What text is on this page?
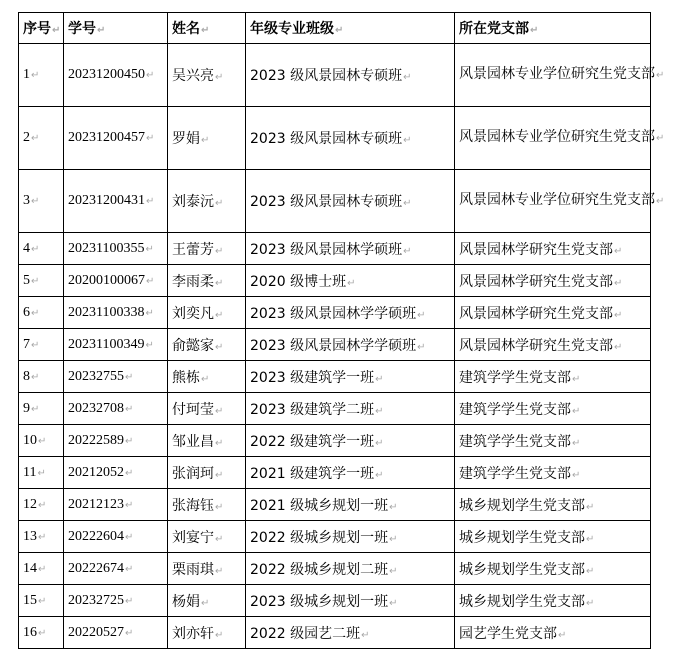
序号↵	学号↵	姓名↵	年级专业班级↵	所在党支部↵
1↵	20231200450↵	吴兴亮↵	2023 级风景园林专硕班↵	风景园林专业学位研究生党支部↵
2↵	20231200457↵	罗娟↵	2023 级风景园林专硕班↵	风景园林专业学位研究生党支部↵
3↵	20231200431↵	刘泰沅↵	2023 级风景园林专硕班↵	风景园林专业学位研究生党支部↵
4↵	20231100355↵	王蕾芳↵	2023 级风景园林学硕班↵	风景园林学研究生党支部↵
5↵	20200100067↵	李雨柔↵	2020 级博士班↵	风景园林学研究生党支部↵
6↵	20231100338↵	刘奕凡↵	2023 级风景园林学学硕班↵	风景园林学研究生党支部↵
7↵	20231100349↵	俞懿家↵	2023 级风景园林学学硕班↵	风景园林学研究生党支部↵
8↵	20232755↵	熊栋↵	2023 级建筑学一班↵	建筑学学生党支部↵
9↵	20232708↵	付珂莹↵	2023 级建筑学二班↵	建筑学学生党支部↵
10↵	20222589↵	邹业昌↵	2022 级建筑学一班↵	建筑学学生党支部↵
11↵	20212052↵	张润珂↵	2021 级建筑学一班↵	建筑学学生党支部↵
12↵	20212123↵	张海钰↵	2021 级城乡规划一班↵	城乡规划学生党支部↵
13↵	20222604↵	刘宴宁↵	2022 级城乡规划一班↵	城乡规划学生党支部↵
14↵	20222674↵	栗雨琪↵	2022 级城乡规划二班↵	城乡规划学生党支部↵
15↵	20232725↵	杨娟↵	2023 级城乡规划一班↵	城乡规划学生党支部↵
16↵	20220527↵	刘亦轩↵	2022 级园艺二班↵	园艺学生党支部↵
